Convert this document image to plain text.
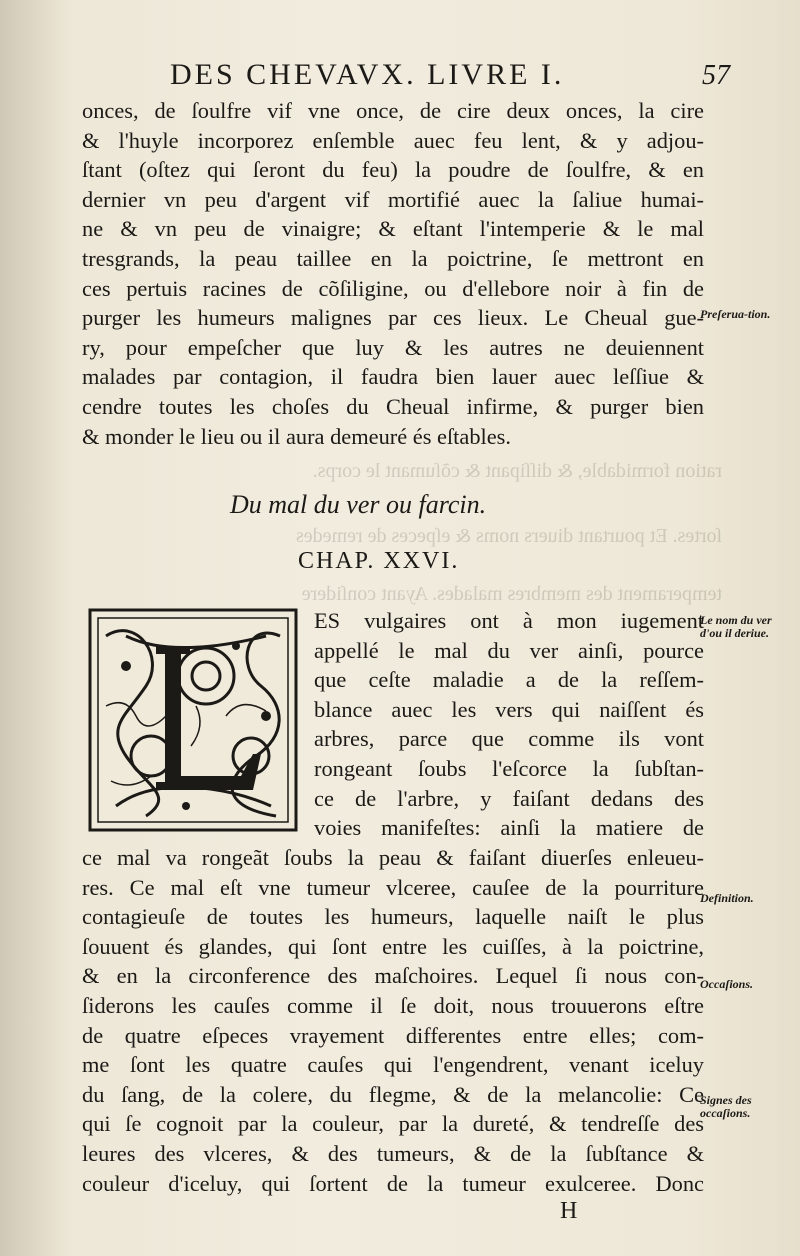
DES CHEVAVX. LIVRE I.	57
onces, de ſoulfre vif vne once, de cire deux onces, la cire
& l'huyle incorporez enſemble auec feu lent, & y adjou-
ſtant (oſtez qui ſeront du feu) la poudre de ſoulfre, & en
dernier vn peu d'argent vif mortifié auec la ſaliue humai-
ne & vn peu de vinaigre; & eſtant l'intemperie & le mal
tresgrands, la peau taillee en la poictrine, ſe mettront en
ces pertuis racines de cõſiligine, ou d'ellebore noir à fin de
purger les humeurs malignes par ces lieux. Le Cheual gue-
ry, pour empeſcher que luy & les autres ne deuiennent
malades par contagion, il faudra bien lauer auec leſſiue &
cendre toutes les choſes du Cheual infirme, & purger bien
& monder le lieu ou il aura demeuré és eſtables.
ration formidable, & diſſipant & cõſumant le corps.
ſortes. Et pourtant diuers noms & eſpeces de remedes
temperament des membres malades. Ayant conſidere
Du mal du ver ou farcin.
CHAP. XXVI.
ES vulgaires ont à mon iugement
appellé le mal du ver ainſi, pource
que ceſte maladie a de la reſſem-
blance auec les vers qui naiſſent és
arbres, parce que comme ils vont
rongeant ſoubs l'eſcorce la ſubſtan-
ce de l'arbre, y faiſant dedans des
voies manifeſtes: ainſi la matiere de
ce mal va rongeãt ſoubs la peau & faiſant diuerſes enleueu-
res. Ce mal eſt vne tumeur vlceree, cauſee de la pourriture
contagieuſe de toutes les humeurs, laquelle naiſt le plus
ſouuent és glandes, qui ſont entre les cuiſſes, à la poictrine,
& en la circonference des maſchoires. Lequel ſi nous con-
ſiderons les cauſes comme il ſe doit, nous trouuerons eſtre
de quatre eſpeces vrayement differentes entre elles; com-
me ſont les quatre cauſes qui l'engendrent, venant iceluy
du ſang, de la colere, du flegme, & de la melancolie: Ce
qui ſe cognoit par la couleur, par la dureté, & tendreſſe des
leures des vlceres, & des tumeurs, & de la ſubſtance &
couleur d'iceluy, qui ſortent de la tumeur exulceree. Donc
Preſerua-tion.
Le nom du ver d'ou il deriue.
Definition.
Occaſions.
Signes des occaſions.
H
